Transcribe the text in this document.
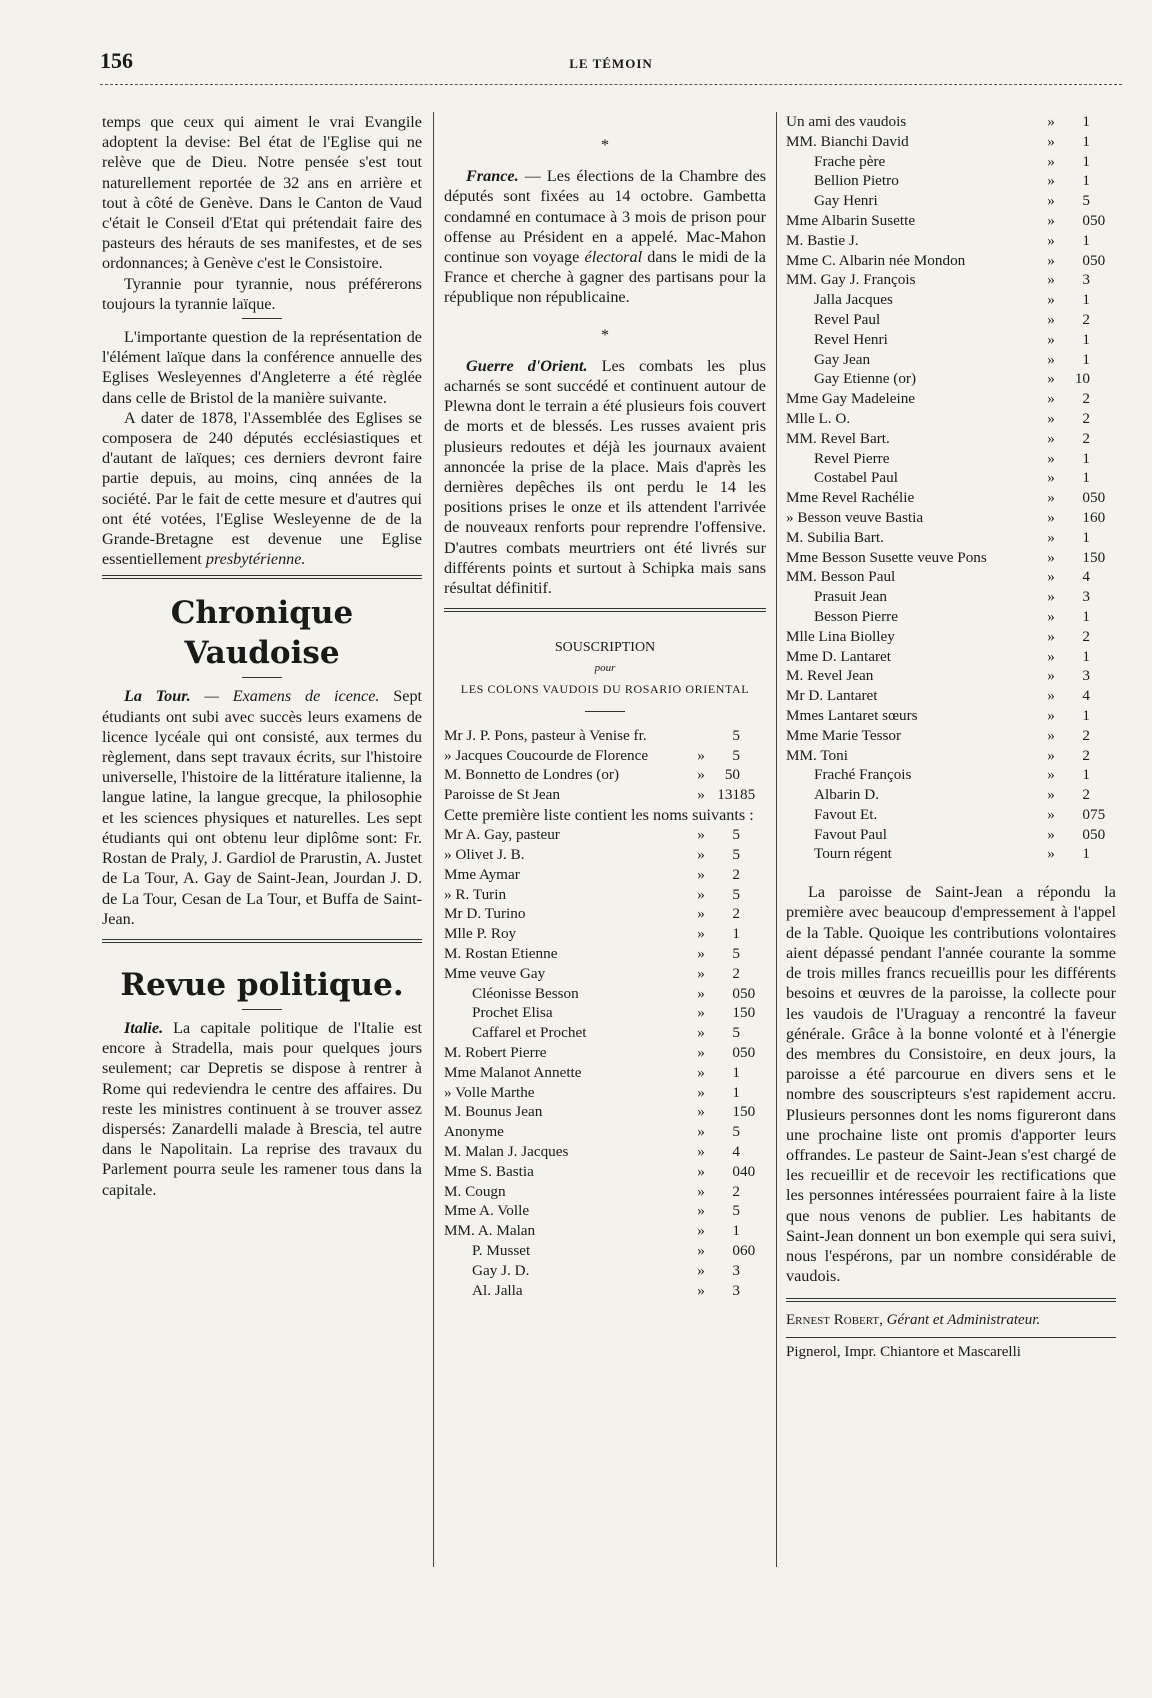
156	LE TÉMOIN

temps que ceux qui aiment le vrai Evangile adoptent la devise: Bel état de l'Eglise qui ne relève que de Dieu. Notre pensée s'est tout naturellement reportée de 32 ans en arrière et tout à côté de Genève. Dans le Canton de Vaud c'était le Conseil d'Etat qui prétendait faire des pasteurs des hérauts de ses manifestes, et de ses ordonnances; à Genève c'est le Consistoire.

Tyrannie pour tyrannie, nous préférerons toujours la tyrannie laïque.

L'importante question de la représentation de l'élément laïque dans la conférence annuelle des Eglises Wesleyennes d'Angleterre a été règlée dans celle de Bristol de la manière suivante.

A dater de 1878, l'Assemblée des Eglises se composera de 240 députés ecclésiastiques et d'autant de laïques; ces derniers devront faire partie depuis, au moins, cinq années de la société. Par le fait de cette mesure et d'autres qui ont été votées, l'Eglise Wesleyenne de de la Grande-Bretagne est devenue une Eglise essentiellement presbytérienne.

Chronique Vaudoise

La Tour. — Examens de icence. Sept étudiants ont subi avec succès leurs examens de licence lycéale qui ont consisté, aux termes du règlement, dans sept travaux écrits, sur l'histoire universelle, l'histoire de la littérature italienne, la langue latine, la langue grecque, la philosophie et les sciences physiques et naturelles. Les sept étudiants qui ont obtenu leur diplôme sont: Fr. Rostan de Praly, J. Gardiol de Prarustin, A. Justet de La Tour, A. Gay de Saint-Jean, Jourdan J. D. de La Tour, Cesan de La Tour, et Buffa de Saint-Jean.

Revue politique.

Italie. La capitale politique de l'Italie est encore à Stradella, mais pour quelques jours seulement; car Depretis se dispose à rentrer à Rome qui redeviendra le centre des affaires. Du reste les ministres continuent à se trouver assez dispersés: Zanardelli malade à Brescia, tel autre dans le Napolitain. La reprise des travaux du Parlement pourra seule les ramener tous dans la capitale.

*

France. — Les élections de la Chambre des députés sont fixées au 14 octobre. Gambetta condamné en contumace à 3 mois de prison pour offense au Président en a appelé. Mac-Mahon continue son voyage électoral dans le midi de la France et cherche à gagner des partisans pour la république non républicaine.

*

Guerre d'Orient. Les combats les plus acharnés se sont succédé et continuent autour de Plewna dont le terrain a été plusieurs fois couvert de morts et de blessés. Les russes avaient pris plusieurs redoutes et déjà les journaux avaient annoncée la prise de la place. Mais d'après les dernières depêches ils ont perdu le 14 les positions prises le onze et ils attendent l'arrivée de nouveaux renforts pour reprendre l'offensive. D'autres combats meurtriers ont été livrés sur différents points et surtout à Schipka mais sans résultat définitif.

SOUSCRIPTION
pour
LES COLONS VAUDOIS DU ROSARIO ORIENTAL
Mr J. P. Pons, pasteur à Venise fr.		5	
» Jacques Coucourde de Florence	»	5	
M. Bonnetto de Londres (or)	»	50	
Paroisse de St Jean	»	131	85

Cette première liste contient les noms suivants :

Mr A. Gay, pasteur	»	5	
» Olivet J. B.	»	5	
Mme Aymar	»	2	
» R. Turin	»	5	
Mr D. Turino	»	2	
Mlle P. Roy	»	1	
M. Rostan Etienne	»	5	
Mme veuve Gay	»	2	
Cléonisse Besson	»	0	50
Prochet Elisa	»	1	50
Caffarel et Prochet	»	5	
M. Robert Pierre	»	0	50
Mme Malanot Annette	»	1	
» Volle Marthe	»	1	
M. Bounus Jean	»	1	50
Anonyme	»	5	
M. Malan J. Jacques	»	4	
Mme S. Bastia	»	0	40
M. Cougn	»	2	
Mme A. Volle	»	5	
MM. A. Malan	»	1	
P. Musset	»	0	60
Gay J. D.	»	3	
Al. Jalla	»	3	
Un ami des vaudois	»	1	
MM. Bianchi David	»	1	
Frache père	»	1	
Bellion Pietro	»	1	
Gay Henri	»	5	
Mme Albarin Susette	»	0	50
M. Bastie J.	»	1	
Mme C. Albarin née Mondon	»	0	50
MM. Gay J. François	»	3	
Jalla Jacques	»	1	
Revel Paul	»	2	
Revel Henri	»	1	
Gay Jean	»	1	
Gay Etienne (or)	»	10	
Mme Gay Madeleine	»	2	
Mlle L. O.	»	2	
MM. Revel Bart.	»	2	
Revel Pierre	»	1	
Costabel Paul	»	1	
Mme Revel Rachélie	»	0	50
» Besson veuve Bastia	»	1	60
M. Subilia Bart.	»	1	
Mme Besson Susette veuve Pons	»	1	50
MM. Besson Paul	»	4	
Prasuit Jean	»	3	
Besson Pierre	»	1	
Mlle Lina Biolley	»	2	
Mme D. Lantaret	»	1	
M. Revel Jean	»	3	
Mr D. Lantaret	»	4	
Mmes Lantaret sœurs	»	1	
Mme Marie Tessor	»	2	
MM. Toni	»	2	
Fraché François	»	1	
Albarin D.	»	2	
Favout Et.	»	0	75
Favout Paul	»	0	50
Tourn régent	»	1	

La paroisse de Saint-Jean a répondu la première avec beaucoup d'empressement à l'appel de la Table. Quoique les contributions volontaires aient dépassé pendant l'année courante la somme de trois milles francs recueillis pour les différents besoins et œuvres de la paroisse, la collecte pour les vaudois de l'Uraguay a rencontré la faveur générale. Grâce à la bonne volonté et à l'énergie des membres du Consistoire, en deux jours, la paroisse a été parcourue en divers sens et le nombre des souscripteurs s'est rapidement accru. Plusieurs personnes dont les noms figureront dans une prochaine liste ont promis d'apporter leurs offrandes. Le pasteur de Saint-Jean s'est chargé de les recueillir et de recevoir les rectifications que les personnes intéressées pourraient faire à la liste que nous venons de publier. Les habitants de Saint-Jean donnent un bon exemple qui sera suivi, nous l'espérons, par un nombre considérable de vaudois.

Ernest Robert, Gérant et Administrateur.

Pignerol, Impr. Chiantore et Mascarelli
